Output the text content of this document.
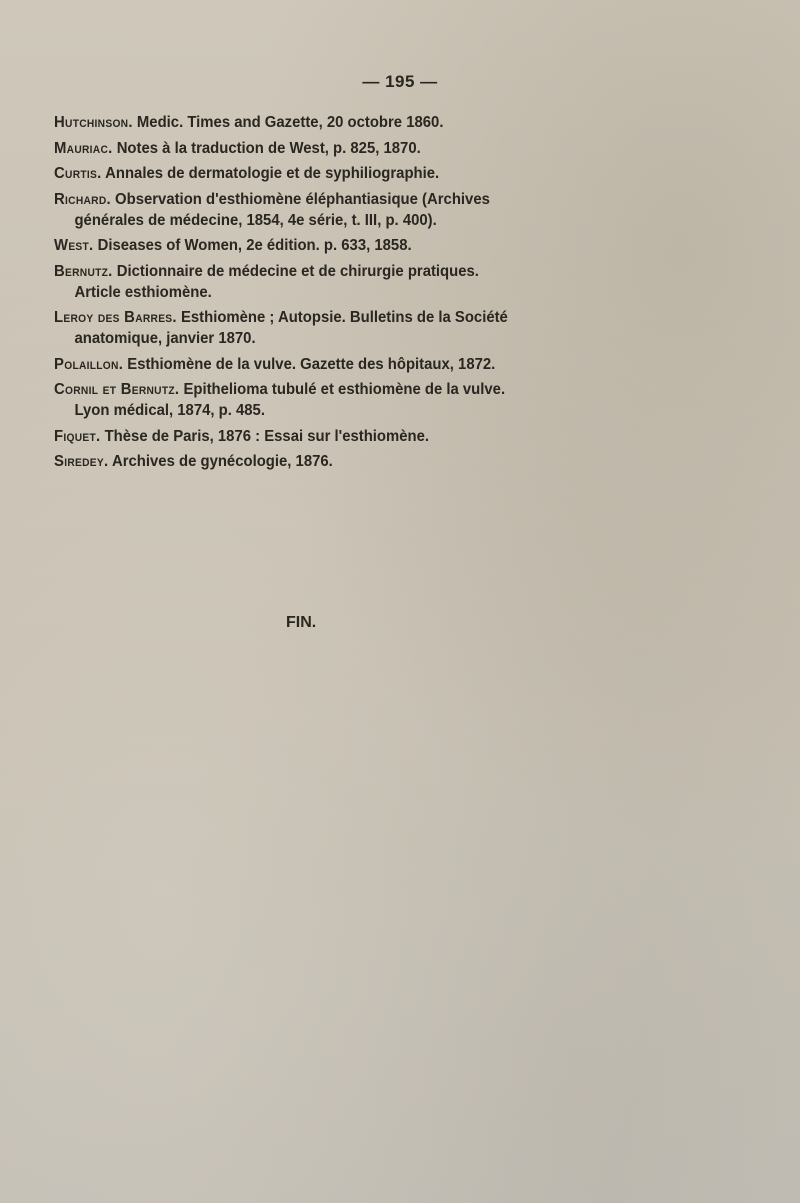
— 195 —
Hutchinson. Medic. Times and Gazette, 20 octobre 1860.
Mauriac. Notes à la traduction de West, p. 825, 1870.
Curtis. Annales de dermatologie et de syphiliographie.
Richard. Observation d'esthiomène éléphantiasique (Archives générales de médecine, 1854, 4e série, t. III, p. 400).
West. Diseases of Women, 2e édition. p. 633, 1858.
Bernutz. Dictionnaire de médecine et de chirurgie pratiques. Article esthiomène.
Leroy des Barres. Esthiomène ; Autopsie. Bulletins de la Société anatomique, janvier 1870.
Polaillon. Esthiomène de la vulve. Gazette des hôpitaux, 1872.
Cornil et Bernutz. Epithelioma tubulé et esthiomène de la vulve. Lyon médical, 1874, p. 485.
Fiquet. Thèse de Paris, 1876 : Essai sur l'esthiomène.
Siredey. Archives de gynécologie, 1876.
FIN.
